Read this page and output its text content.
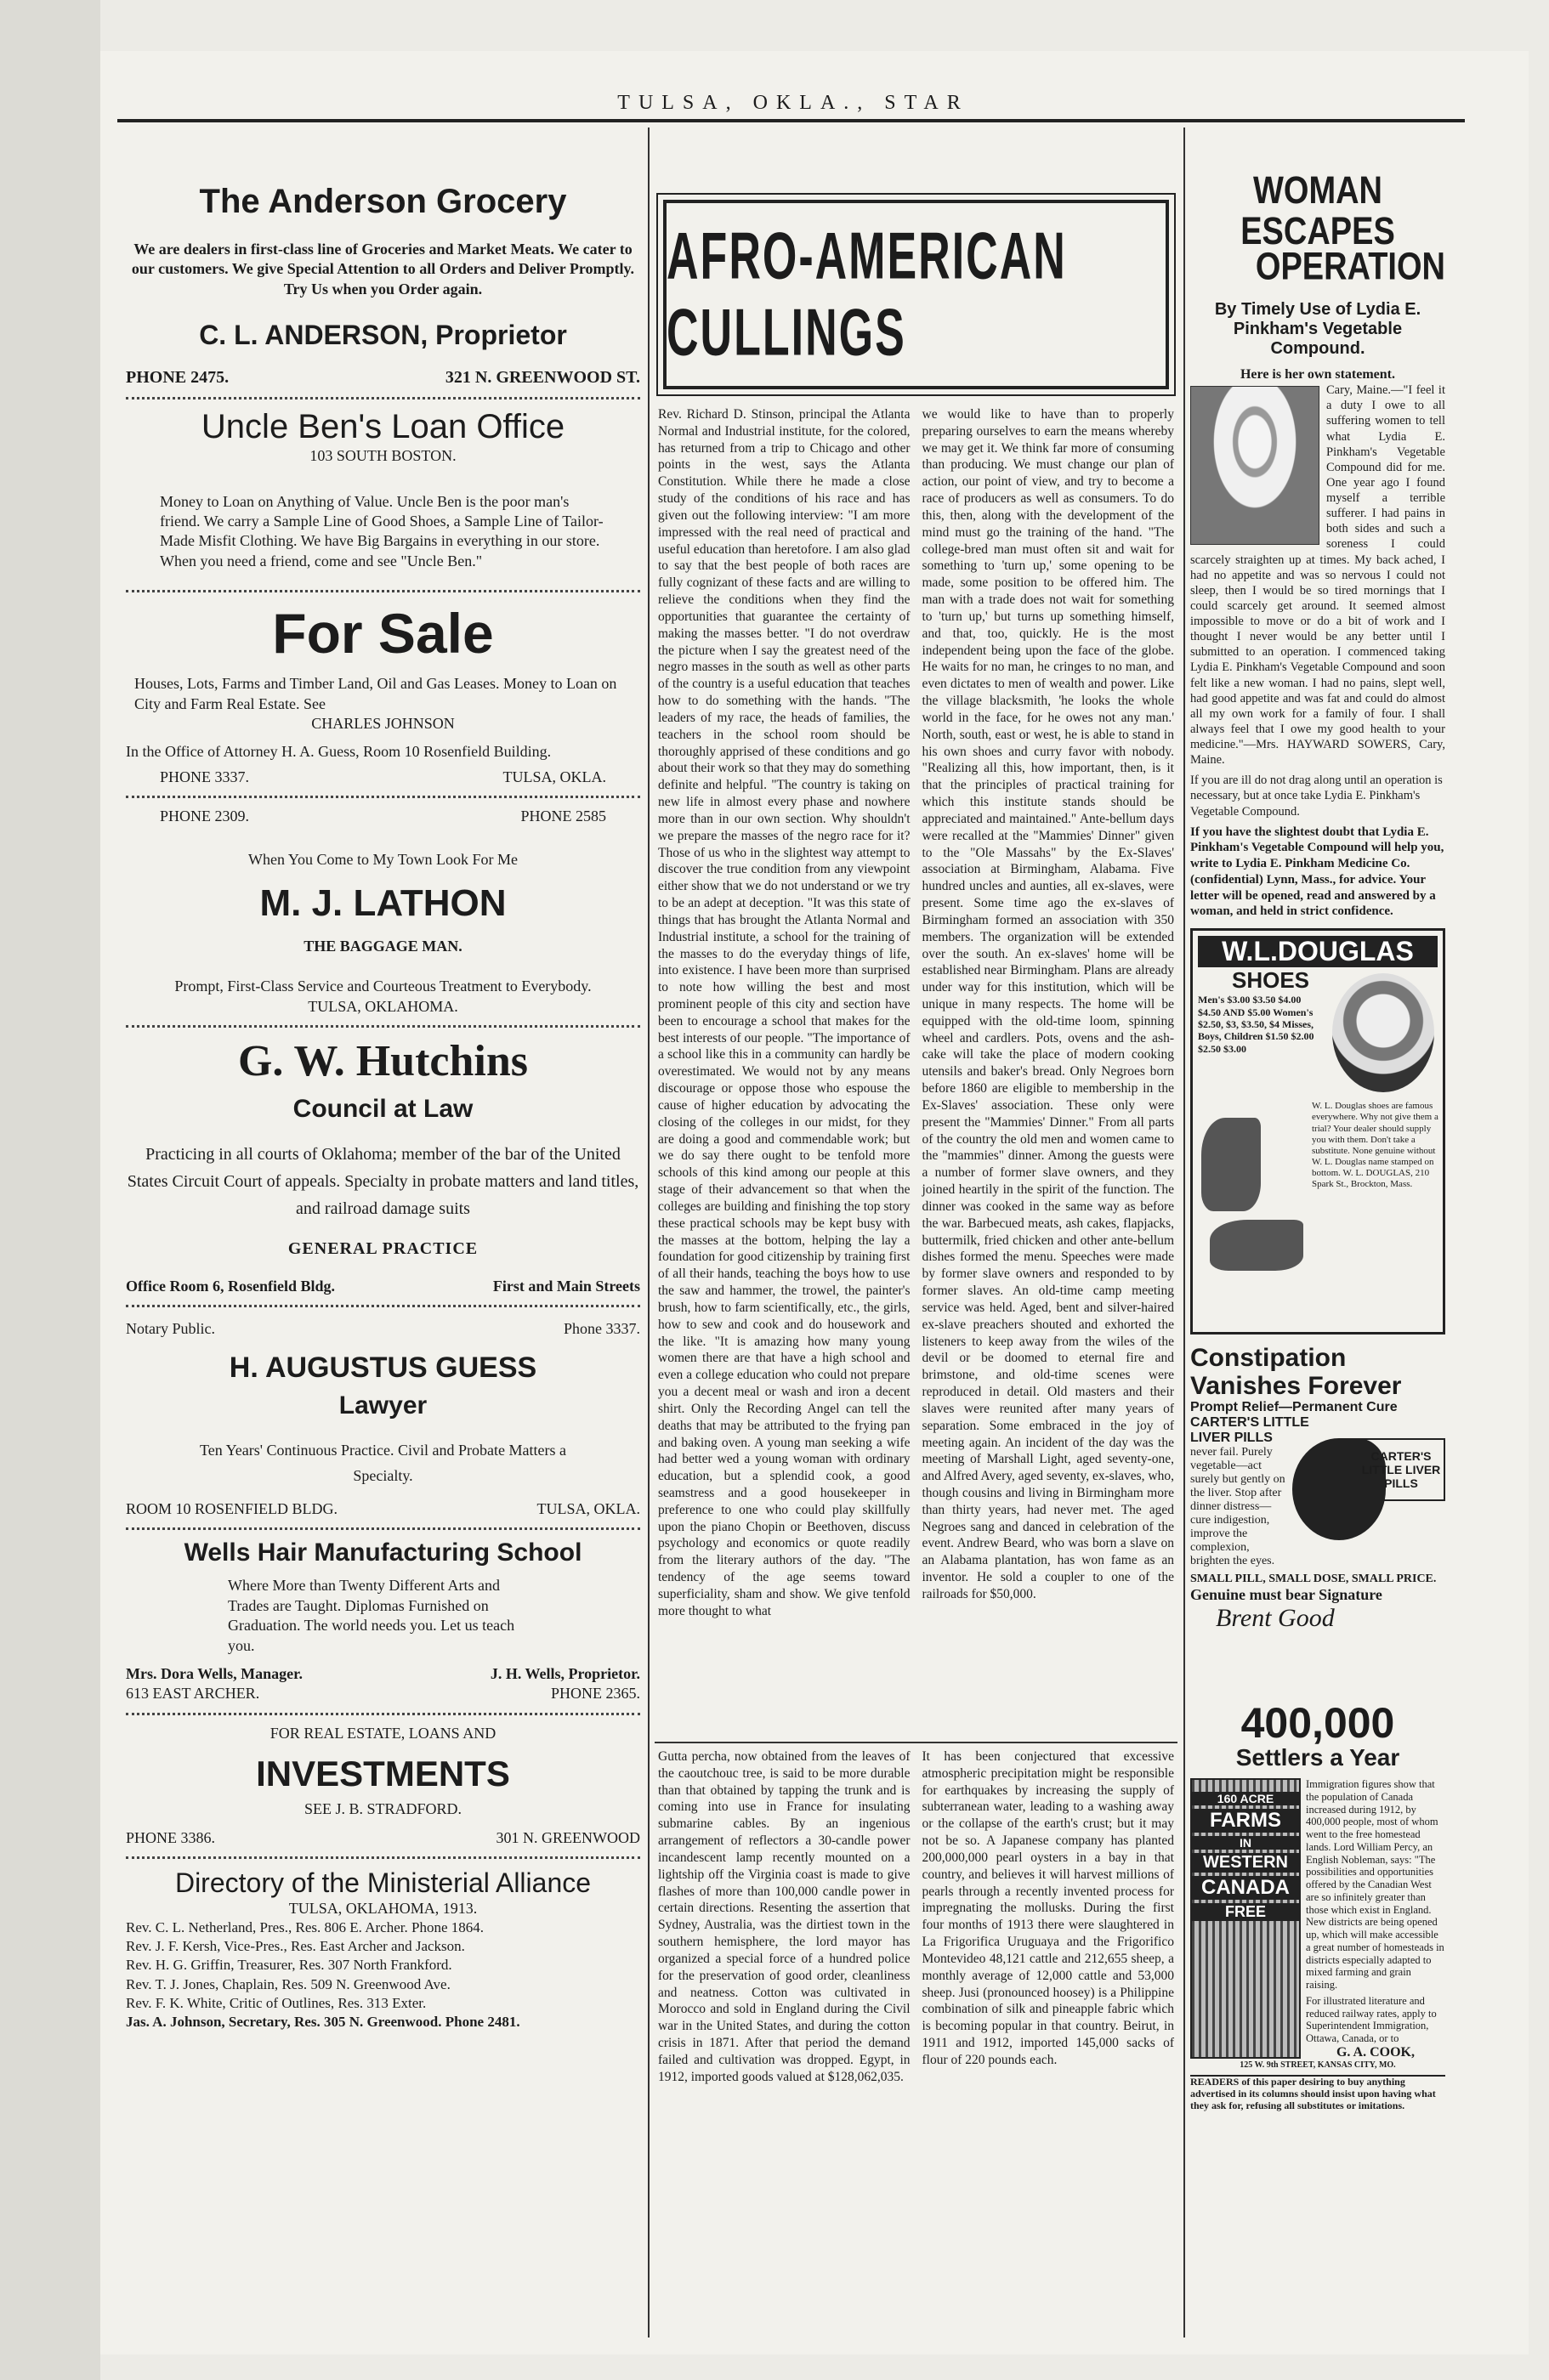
TULSA, OKLA., STAR
The Anderson Grocery
We are dealers in first-class line of Groceries and Market Meats. We cater to our customers. We give Special Attention to all Orders and Deliver Promptly. Try Us when you Order again.
C. L. ANDERSON, Proprietor
PHONE 2475.	321 N. GREENWOOD ST.
Uncle Ben's Loan Office
103 SOUTH BOSTON.
Money to Loan on Anything of Value. Uncle Ben is the poor man's friend. We carry a Sample Line of Good Shoes, a Sample Line of Tailor-Made Misfit Clothing. We have Big Bargains in everything in our store. When you need a friend, come and see "Uncle Ben."
For Sale
Houses, Lots, Farms and Timber Land, Oil and Gas Leases. Money to Loan on City and Farm Real Estate. See
CHARLES JOHNSON
In the Office of Attorney H. A. Guess, Room 10 Rosenfield Building.
PHONE 3337.	TULSA, OKLA.
PHONE 2309.	PHONE 2585
When You Come to My Town Look For Me
M. J. LATHON
THE BAGGAGE MAN.
Prompt, First-Class Service and Courteous Treatment to Everybody.
TULSA, OKLAHOMA.
G. W. Hutchins
Council at Law
Practicing in all courts of Oklahoma; member of the bar of the United States Circuit Court of appeals. Specialty in probate matters and land titles, and railroad damage suits
GENERAL PRACTICE
Office Room 6, Rosenfield Bldg.	First and Main Streets
Notary Public.	Phone 3337.
H. AUGUSTUS GUESS
Lawyer
Ten Years' Continuous Practice. Civil and Probate Matters a Specialty.
ROOM 10 ROSENFIELD BLDG.	TULSA, OKLA.
Wells Hair Manufacturing School
Where More than Twenty Different Arts and Trades are Taught. Diplomas Furnished on Graduation. The world needs you. Let us teach you.
Mrs. Dora Wells, Manager.	J. H. Wells, Proprietor.
613 EAST ARCHER.	PHONE 2365.
FOR REAL ESTATE, LOANS AND
INVESTMENTS
SEE J. B. STRADFORD.
PHONE 3386.	301 N. GREENWOOD
Directory of the Ministerial Alliance
TULSA, OKLAHOMA, 1913.
Rev. C. L. Netherland, Pres., Res. 806 E. Archer. Phone 1864.
Rev. J. F. Kersh, Vice-Pres., Res. East Archer and Jackson.
Rev. H. G. Griffin, Treasurer, Res. 307 North Frankford.
Rev. T. J. Jones, Chaplain, Res. 509 N. Greenwood Ave.
Rev. F. K. White, Critic of Outlines, Res. 313 Exter.
Jas. A. Johnson, Secretary, Res. 305 N. Greenwood. Phone 2481.
AFRO-AMERICAN CULLINGS
Rev. Richard D. Stinson, principal the Atlanta Normal and Industrial institute, for the colored, has returned from a trip to Chicago and other points in the west, says the Atlanta Constitution. While there he made a close study of the conditions of his race and has given out the following interview: "I am more impressed with the real need of practical and useful education than heretofore. I am also glad to say that the best people of both races are fully cognizant of these facts and are willing to relieve the conditions when they find the opportunities that guarantee the certainty of making the masses better. "I do not overdraw the picture when I say the greatest need of the negro masses in the south as well as other parts of the country is a useful education that teaches how to do something with the hands. "The leaders of my race, the heads of families, the teachers in the school room should be thoroughly apprised of these conditions and go about their work so that they may do something definite and helpful. "The country is taking on new life in almost every phase and nowhere more than in our own section. Why shouldn't we prepare the masses of the negro race for it? Those of us who in the slightest way attempt to discover the true condition from any viewpoint either show that we do not understand or we try to be an adept at deception. "It was this state of things that has brought the Atlanta Normal and Industrial institute, a school for the training of the masses to do the everyday things of life, into existence. I have been more than surprised to note how willing the best and most prominent people of this city and section have been to encourage a school that makes for the best interests of our people. "The importance of a school like this in a community can hardly be overestimated. We would not by any means discourage or oppose those who espouse the cause of higher education by advocating the closing of the colleges in our midst, for they are doing a good and commendable work; but we do say there ought to be tenfold more schools of this kind among our people at this stage of their advancement so that when the colleges are building and finishing the top story these practical schools may be kept busy with the masses at the bottom, helping the lay a foundation for good citizenship by training first of all their hands, teaching the boys how to use the saw and hammer, the trowel, the painter's brush, how to farm scientifically, etc., the girls, how to sew and cook and do housework and the like. "It is amazing how many young women there are that have a high school and even a college education who could not prepare you a decent meal or wash and iron a decent shirt. Only the Recording Angel can tell the deaths that may be attributed to the frying pan and baking oven. A young man seeking a wife had better wed a young woman with ordinary education, but a splendid cook, a good seamstress and a good housekeeper in preference to one who could play skillfully upon the piano Chopin or Beethoven, discuss psychology and economics or quote readily from the literary authors of the day. "The tendency of the age seems toward superficiality, sham and show. We give tenfold more thought to what
we would like to have than to properly preparing ourselves to earn the means whereby we may get it. We think far more of consuming than producing. We must change our plan of action, our point of view, and try to become a race of producers as well as consumers. To do this, then, along with the development of the mind must go the training of the hand. "The college-bred man must often sit and wait for something to 'turn up,' some opening to be made, some position to be offered him. The man with a trade does not wait for something to 'turn up,' but turns up something himself, and that, too, quickly. He is the most independent being upon the face of the globe. He waits for no man, he cringes to no man, and even dictates to men of wealth and power. Like the village blacksmith, 'he looks the whole world in the face, for he owes not any man.' North, south, east or west, he is able to stand in his own shoes and curry favor with nobody. "Realizing all this, how important, then, is it that the principles of practical training for which this institute stands should be appreciated and maintained." Ante-bellum days were recalled at the "Mammies' Dinner" given to the "Ole Massahs" by the Ex-Slaves' association at Birmingham, Alabama. Five hundred uncles and aunties, all ex-slaves, were present. Some time ago the ex-slaves of Birmingham formed an association with 350 members. The organization will be extended over the south. An ex-slaves' home will be established near Birmingham. Plans are already under way for this institution, which will be unique in many respects. The home will be equipped with the old-time loom, spinning wheel and cardlers. Pots, ovens and the ash-cake will take the place of modern cooking utensils and baker's bread. Only Negroes born before 1860 are eligible to membership in the Ex-Slaves' association. These only were present the "Mammies' Dinner." From all parts of the country the old men and women came to the "mammies" dinner. Among the guests were a number of former slave owners, and they joined heartily in the spirit of the function. The dinner was cooked in the same way as before the war. Barbecued meats, ash cakes, flapjacks, buttermilk, fried chicken and other ante-bellum dishes formed the menu. Speeches were made by former slave owners and responded to by former slaves. An old-time camp meeting service was held. Aged, bent and silver-haired ex-slave preachers shouted and exhorted the listeners to keep away from the wiles of the devil or be doomed to eternal fire and brimstone, and old-time scenes were reproduced in detail. Old masters and their slaves were reunited after many years of separation. Some embraced in the joy of meeting again. An incident of the day was the meeting of Marshall Light, aged seventy-one, and Alfred Avery, aged seventy, ex-slaves, who, though cousins and living in Birmingham more than thirty years, had never met. The aged Negroes sang and danced in celebration of the event. Andrew Beard, who was born a slave on an Alabama plantation, has won fame as an inventor. He sold a coupler to one of the railroads for $50,000.
Gutta percha, now obtained from the leaves of the caoutchouc tree, is said to be more durable than that obtained by tapping the trunk and is coming into use in France for insulating submarine cables. By an ingenious arrangement of reflectors a 30-candle power incandescent lamp recently mounted on a lightship off the Virginia coast is made to give flashes of more than 100,000 candle power in certain directions. Resenting the assertion that Sydney, Australia, was the dirtiest town in the southern hemisphere, the lord mayor has organized a special force of a hundred police for the preservation of good order, cleanliness and neatness. Cotton was cultivated in Morocco and sold in England during the Civil war in the United States, and during the cotton crisis in 1871. After that period the demand failed and cultivation was dropped. Egypt, in 1912, imported goods valued at $128,062,035.
It has been conjectured that excessive atmospheric precipitation might be responsible for earthquakes by increasing the supply of subterranean water, leading to a washing away or the collapse of the earth's crust; but it may not be so. A Japanese company has planted 200,000,000 pearl oysters in a bay in that country, and believes it will harvest millions of pearls through a recently invented process for impregnating the mollusks. During the first four months of 1913 there were slaughtered in La Frigorifica Uruguaya and the Frigorifico Montevideo 48,121 cattle and 212,655 sheep, a monthly average of 12,000 cattle and 53,000 sheep. Jusi (pronounced hoosey) is a Philippine combination of silk and pineapple fabric which is becoming popular in that country. Beirut, in 1911 and 1912, imported 145,000 sacks of flour of 220 pounds each.
WOMAN ESCAPES
OPERATION
By Timely Use of Lydia E. Pinkham's Vegetable Compound.
Here is her own statement.
Cary, Maine.—"I feel it a duty I owe to all suffering women to tell what Lydia E. Pinkham's Vegetable Compound did for me. One year ago I found myself a terrible sufferer. I had pains in both sides and such a soreness I could scarcely straighten up at times. My back ached, I had no appetite and was so nervous I could not sleep, then I would be so tired mornings that I could scarcely get around. It seemed almost impossible to move or do a bit of work and I thought I never would be any better until I submitted to an operation. I commenced taking Lydia E. Pinkham's Vegetable Compound and soon felt like a new woman. I had no pains, slept well, had good appetite and was fat and could do almost all my own work for a family of four. I shall always feel that I owe my good health to your medicine."—Mrs. HAYWARD SOWERS, Cary, Maine.
If you are ill do not drag along until an operation is necessary, but at once take Lydia E. Pinkham's Vegetable Compound.
If you have the slightest doubt that Lydia E. Pinkham's Vegetable Compound will help you, write to Lydia E. Pinkham Medicine Co. (confidential) Lynn, Mass., for advice. Your letter will be opened, read and answered by a woman, and held in strict confidence.
W.L.DOUGLAS
SHOES
Men's $3.00 $3.50 $4.00 $4.50 AND $5.00 Women's $2.50, $3, $3.50, $4 Misses, Boys, Children $1.50 $2.00 $2.50 $3.00
W. L. Douglas shoes are famous everywhere. Why not give them a trial? Your dealer should supply you with them. Don't take a substitute. None genuine without W. L. Douglas name stamped on bottom. W. L. DOUGLAS, 210 Spark St., Brockton, Mass.
Constipation
Vanishes Forever
Prompt Relief—Permanent Cure
CARTER'S LITTLE LIVER PILLS
never fail. Purely vegetable—act surely but gently on the liver. Stop after dinner distress—cure indigestion, improve the complexion, brighten the eyes.
CARTER'S LITTLE LIVER PILLS
SMALL PILL, SMALL DOSE, SMALL PRICE.
Genuine must bear Signature
Brent Good
400,000
Settlers a Year
160 ACRE
FARMS
IN
WESTERN
CANADA
FREE
Immigration figures show that the population of Canada increased during 1912, by 400,000 people, most of whom went to the free homestead lands. Lord William Percy, an English Nobleman, says: "The possibilities and opportunities offered by the Canadian West are so infinitely greater than those which exist in England. New districts are being opened up, which will make accessible a great number of homesteads in districts especially adapted to mixed farming and grain raising.
For illustrated literature and reduced railway rates, apply to Superintendent Immigration, Ottawa, Canada, or to
G. A. COOK,
125 W. 9th STREET, KANSAS CITY, MO.
READERS of this paper desiring to buy anything advertised in its columns should insist upon having what they ask for, refusing all substitutes or imitations.
